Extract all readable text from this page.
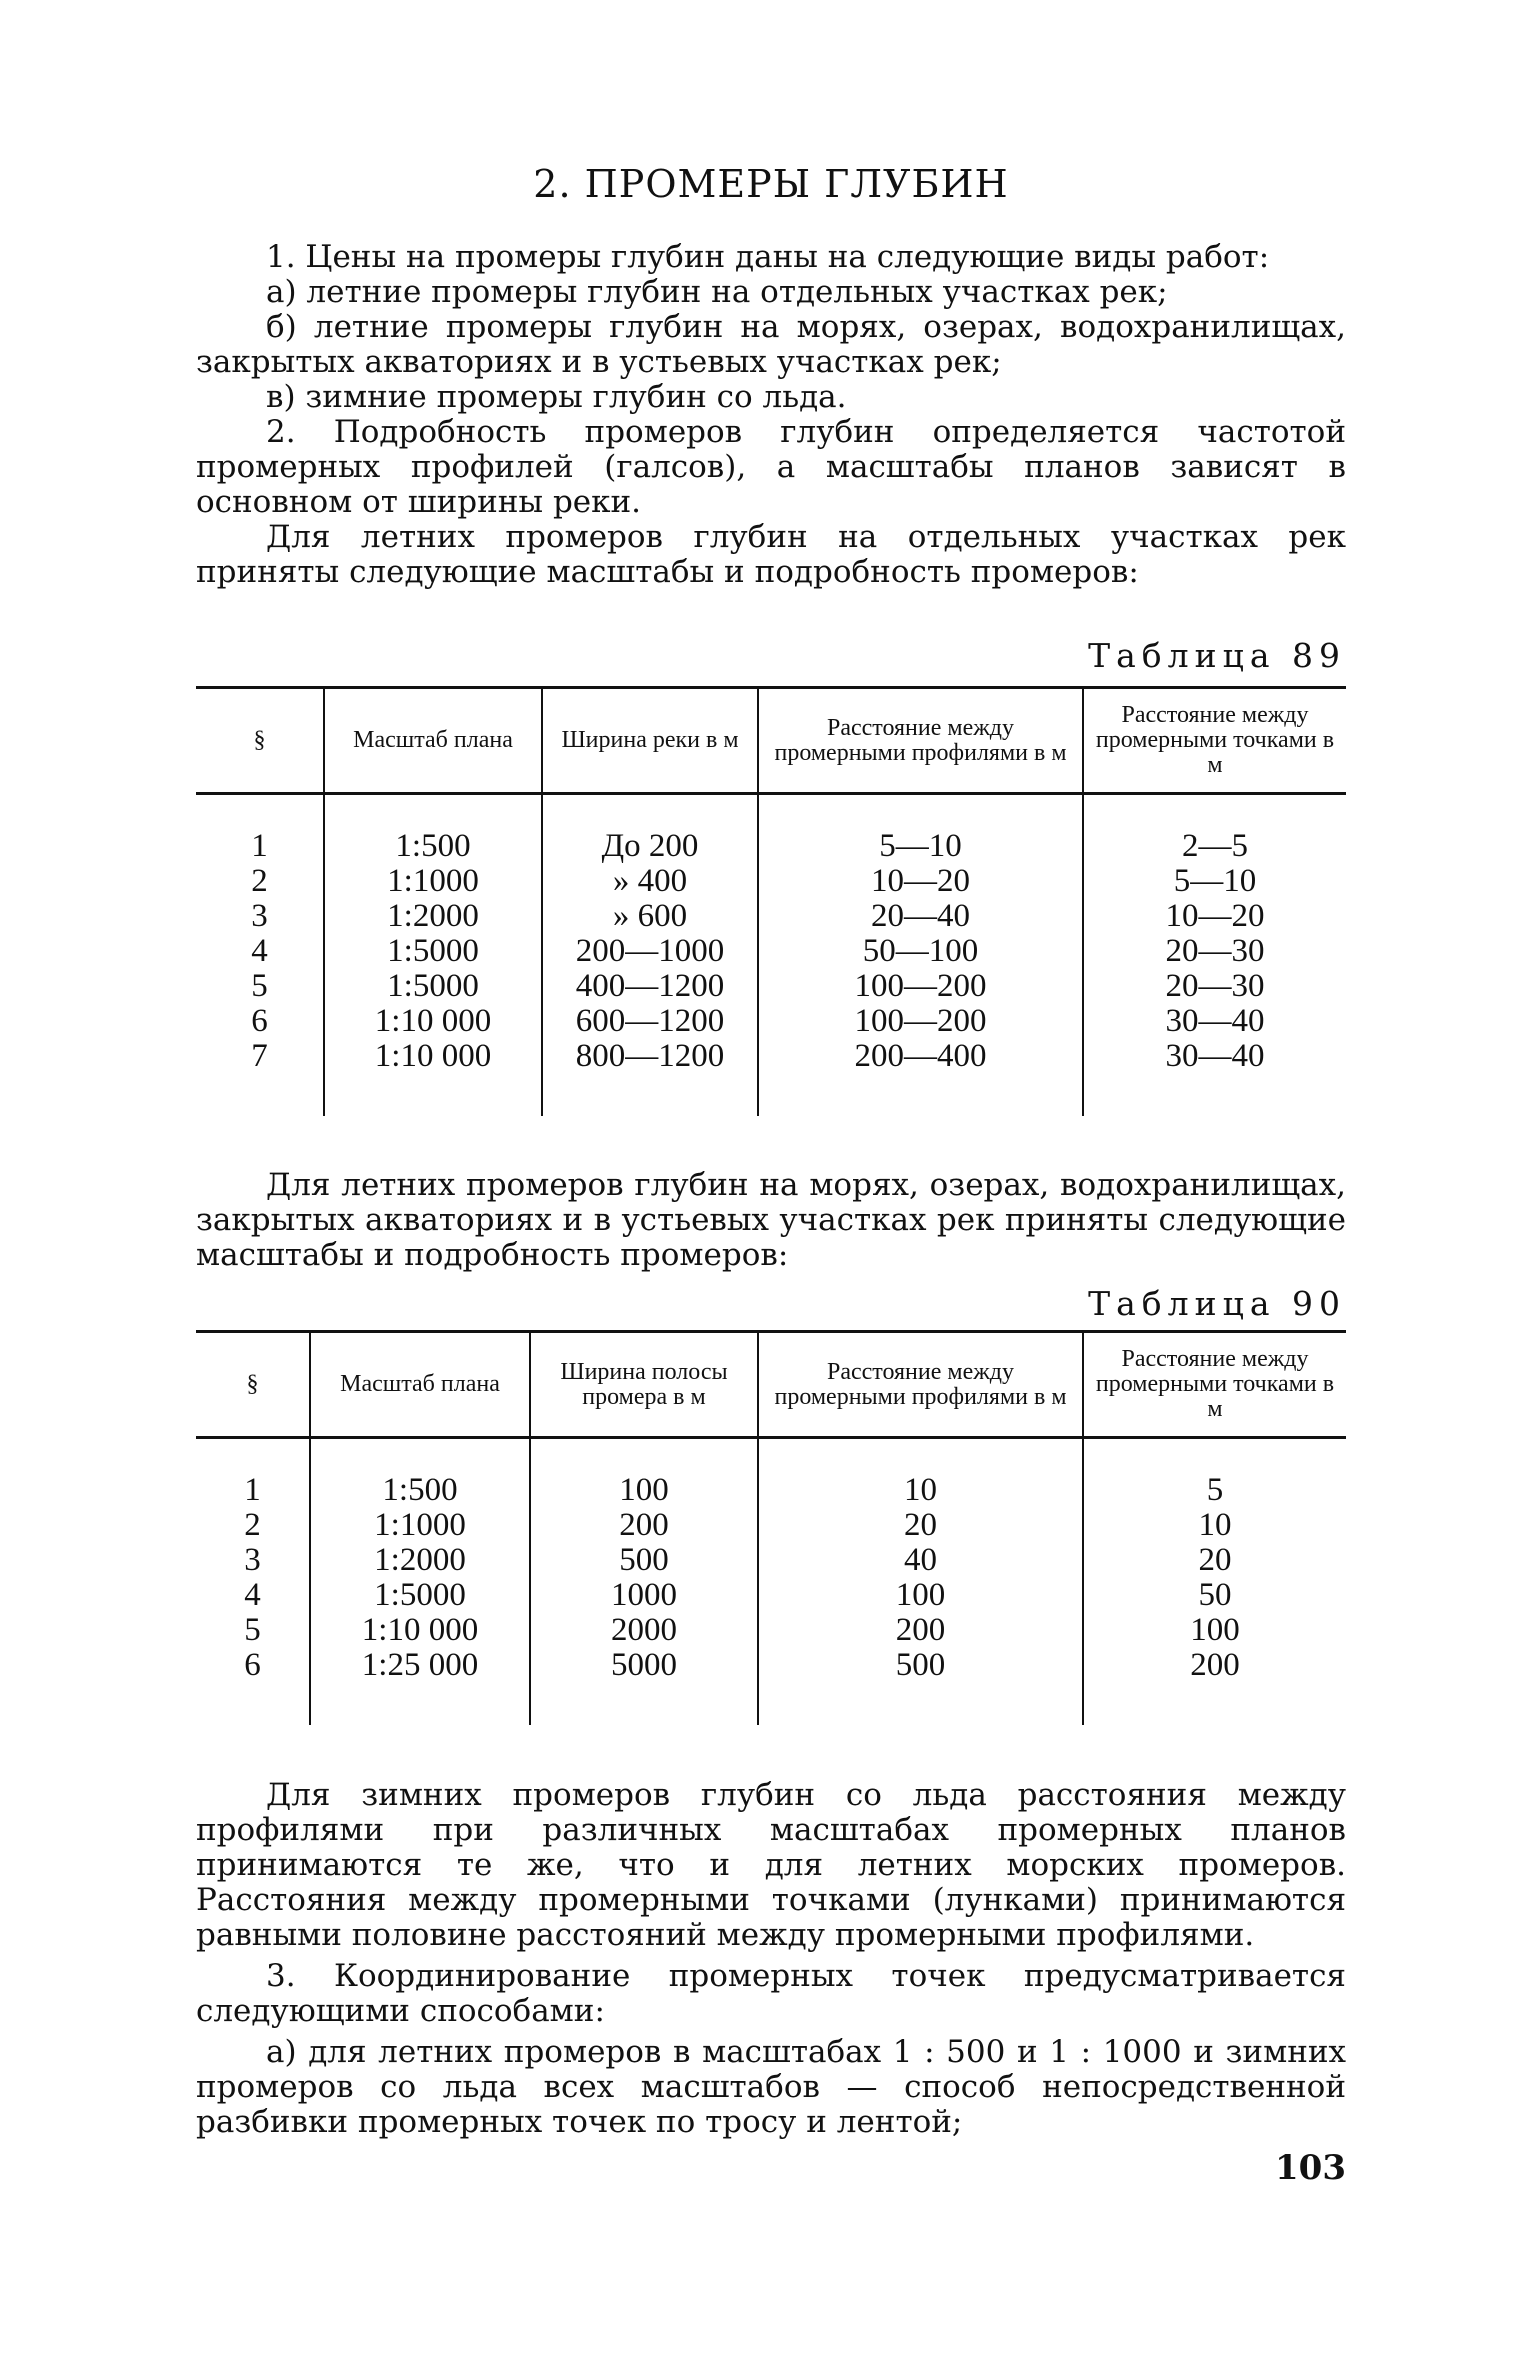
2. ПРОМЕРЫ ГЛУБИН

1. Цены на промеры глубин даны на следующие виды работ:

а) летние промеры глубин на отдельных участках рек;

б) летние промеры глубин на морях, озерах, водохранилищах, закрытых акваториях и в устьевых участках рек;

в) зимние промеры глубин со льда.

2. Подробность промеров глубин определяется частотой промерных профилей (галсов), а масштабы планов зависят в основном от ширины реки.

Для летних промеров глубин на отдельных участках рек приняты следующие масштабы и подробность промеров:

Таблица 89
§	Масштаб плана	Ширина реки в м	Расстояние между промерными профилями в м	Расстояние между промерными точками в м
1	1:500	До 200	5—10	2—5
2	1:1000	» 400	10—20	5—10
3	1:2000	» 600	20—40	10—20
4	1:5000	200—1000	50—100	20—30
5	1:5000	400—1200	100—200	20—30
6	1:10 000	600—1200	100—200	30—40
7	1:10 000	800—1200	200—400	30—40

Для летних промеров глубин на морях, озерах, водохранилищах, закрытых акваториях и в устьевых участках рек приняты следующие масштабы и подробность промеров:

Таблица 90
§	Масштаб плана	Ширина полосы промера в м	Расстояние между промерными профилями в м	Расстояние между промерными точками в м
1	1:500	100	10	5
2	1:1000	200	20	10
3	1:2000	500	40	20
4	1:5000	1000	100	50
5	1:10 000	2000	200	100
6	1:25 000	5000	500	200

Для зимних промеров глубин со льда расстояния между профилями при различных масштабах промерных планов принимаются те же, что и для летних морских промеров. Расстояния между промерными точками (лунками) принимаются равными половине расстояний между промерными профилями.

3. Координирование промерных точек предусматривается следующими способами:

а) для летних промеров в масштабах 1 : 500 и 1 : 1000 и зимних промеров со льда всех масштабов — способ непосредственной разбивки промерных точек по тросу и лентой;

103
